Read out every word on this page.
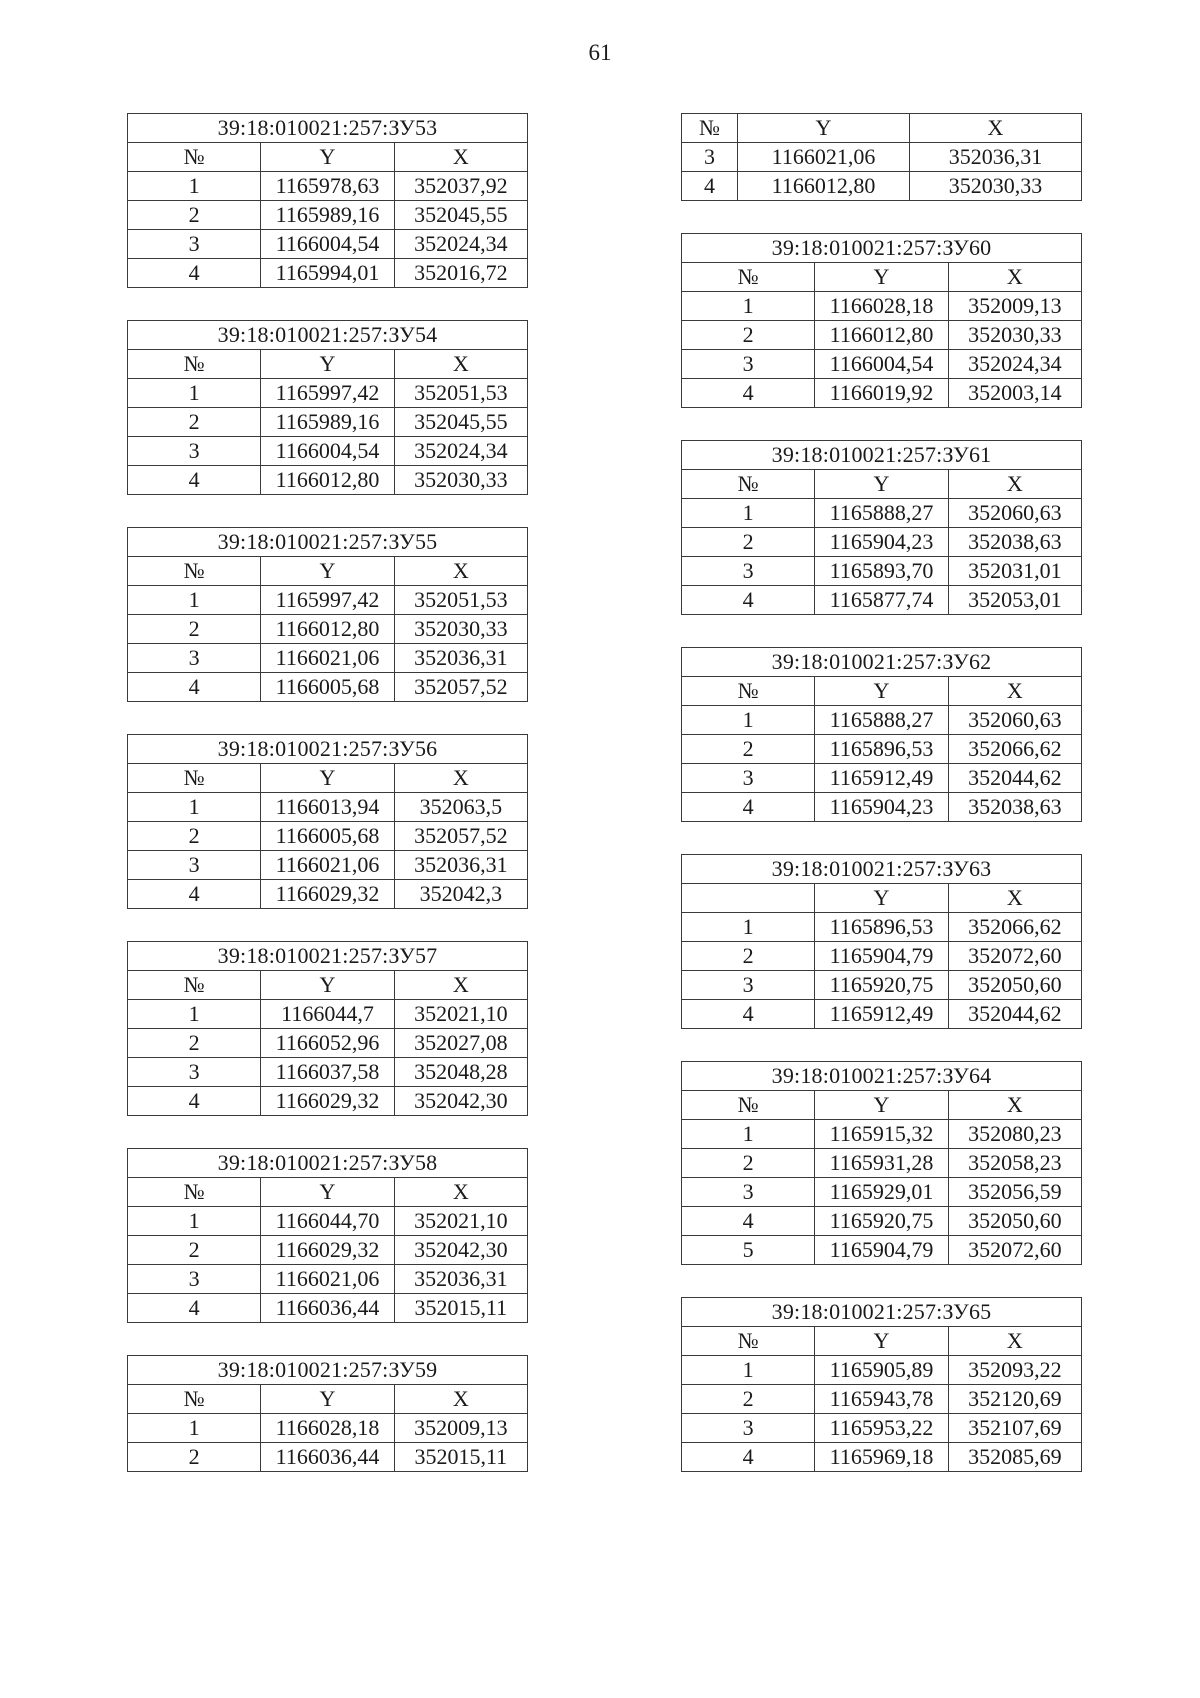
61
39:18:010021:257:ЗУ53		
№	Y	X
1	1165978,63	352037,92
2	1165989,16	352045,55
3	1166004,54	352024,34
4	1165994,01	352016,72
39:18:010021:257:ЗУ54		
№	Y	X
1	1165997,42	352051,53
2	1165989,16	352045,55
3	1166004,54	352024,34
4	1166012,80	352030,33
39:18:010021:257:ЗУ55		
№	Y	X
1	1165997,42	352051,53
2	1166012,80	352030,33
3	1166021,06	352036,31
4	1166005,68	352057,52
39:18:010021:257:ЗУ56		
№	Y	X
1	1166013,94	352063,5
2	1166005,68	352057,52
3	1166021,06	352036,31
4	1166029,32	352042,3
39:18:010021:257:ЗУ57		
№	Y	X
1	1166044,7	352021,10
2	1166052,96	352027,08
3	1166037,58	352048,28
4	1166029,32	352042,30
39:18:010021:257:ЗУ58		
№	Y	X
1	1166044,70	352021,10
2	1166029,32	352042,30
3	1166021,06	352036,31
4	1166036,44	352015,11
39:18:010021:257:ЗУ59		
№	Y	X
1	1166028,18	352009,13
2	1166036,44	352015,11
№	Y	X
3	1166021,06	352036,31
4	1166012,80	352030,33
39:18:010021:257:ЗУ60		
№	Y	X
1	1166028,18	352009,13
2	1166012,80	352030,33
3	1166004,54	352024,34
4	1166019,92	352003,14
39:18:010021:257:ЗУ61		
№	Y	X
1	1165888,27	352060,63
2	1165904,23	352038,63
3	1165893,70	352031,01
4	1165877,74	352053,01
39:18:010021:257:ЗУ62		
№	Y	X
1	1165888,27	352060,63
2	1165896,53	352066,62
3	1165912,49	352044,62
4	1165904,23	352038,63
39:18:010021:257:ЗУ63		
	Y	X
1	1165896,53	352066,62
2	1165904,79	352072,60
3	1165920,75	352050,60
4	1165912,49	352044,62
39:18:010021:257:ЗУ64		
№	Y	X
1	1165915,32	352080,23
2	1165931,28	352058,23
3	1165929,01	352056,59
4	1165920,75	352050,60
5	1165904,79	352072,60
39:18:010021:257:ЗУ65		
№	Y	X
1	1165905,89	352093,22
2	1165943,78	352120,69
3	1165953,22	352107,69
4	1165969,18	352085,69
